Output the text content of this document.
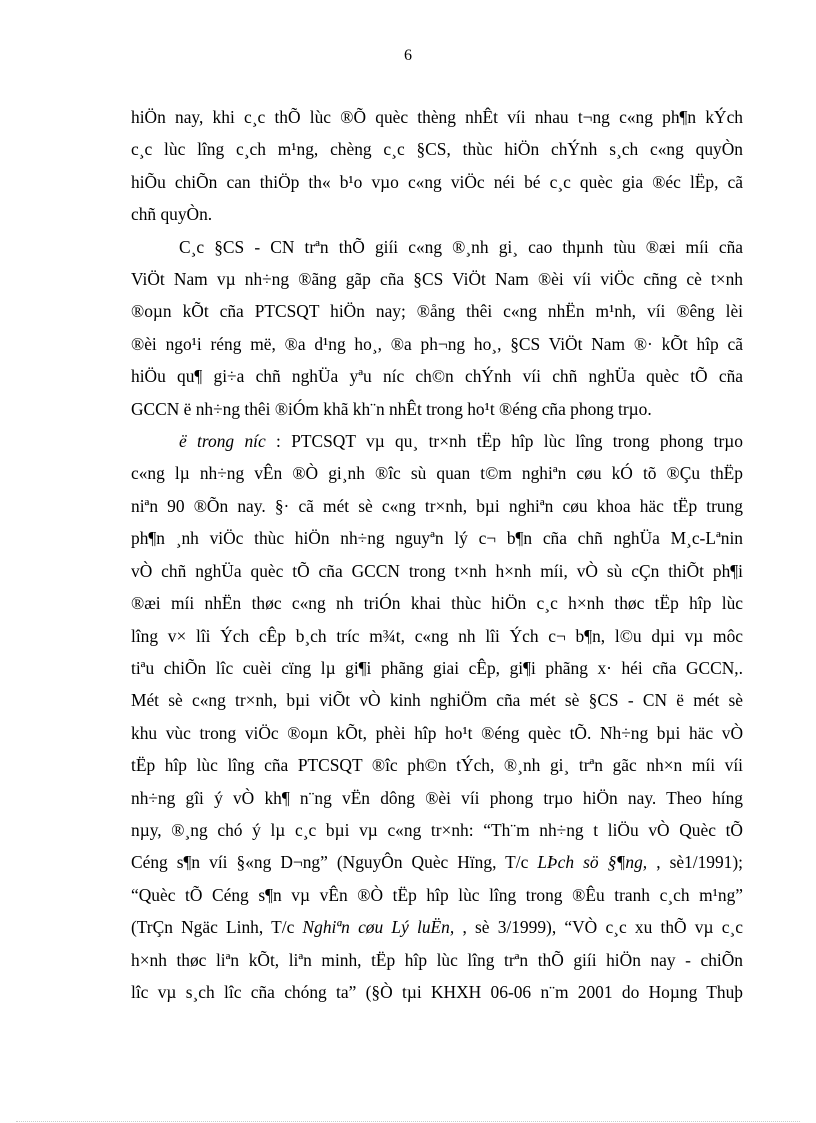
6
hiÖn nay, khi c¸c thÕ lùc ®Õ quèc thèng nhÊt víi nhau t¬ng c«ng ph¶n kÝch
c¸c lùc lîng c¸ch m¹ng, chèng c¸c §CS, thùc hiÖn chÝnh s¸ch c«ng quyÒn
hiÕu chiÕn can thiÖp th« b¹o vµo c«ng viÖc néi bé c¸c quèc gia ®éc lËp, cã
chñ quyÒn.
C¸c §CS - CN trªn thÕ giíi c«ng ®¸nh gi¸ cao thµnh tùu ®æi míi cña
ViÖt Nam vµ nh÷ng ®ãng gãp cña §CS ViÖt Nam ®èi víi viÖc cñng cè t×nh
®oµn kÕt cña PTCSQT hiÖn nay; ®ång thêi c«ng nhËn m¹nh, víi ®êng lèi
®èi ngo¹i réng më, ®a d¹ng ho¸, ®a ph¬ng ho¸, §CS ViÖt Nam ®· kÕt hîp cã
hiÖu qu¶ gi÷a chñ nghÜa yªu níc ch©n chÝnh víi chñ nghÜa quèc tÕ cña
GCCN ë nh÷ng thêi ®iÓm khã kh¨n nhÊt trong ho¹t ®éng cña phong trµo.
ë trong níc : PTCSQT vµ qu¸ tr×nh tËp hîp lùc lîng trong phong trµo
c«ng lµ nh÷ng vÊn ®Ò gi¸nh ®îc sù quan t©m nghiªn cøu kÓ tõ ®Çu thËp
niªn 90 ®Õn nay. §· cã mét sè c«ng tr×nh, bµi nghiªn cøu khoa häc tËp trung
ph¶n ¸nh viÖc thùc hiÖn nh÷ng nguyªn lý c¬ b¶n cña chñ nghÜa M¸c-Lªnin
vÒ chñ nghÜa quèc tÕ cña GCCN trong t×nh h×nh míi, vÒ sù cÇn thiÕt ph¶i
®æi míi nhËn thøc c«ng nh triÓn khai thùc hiÖn c¸c h×nh thøc tËp hîp lùc
lîng v× lîi Ých cÊp b¸ch tríc m¾t, c«ng nh lîi Ých c¬ b¶n, l©u dµi vµ môc
tiªu chiÕn lîc cuèi cïng lµ gi¶i phãng giai cÊp, gi¶i phãng x· héi cña GCCN,.
Mét sè c«ng tr×nh, bµi viÕt vÒ kinh nghiÖm cña mét sè §CS - CN ë mét sè
khu vùc trong viÖc ®oµn kÕt, phèi hîp ho¹t ®éng quèc tÕ. Nh÷ng bµi häc vÒ
tËp hîp lùc lîng cña PTCSQT ®îc ph©n tÝch, ®¸nh gi¸ trªn gãc nh×n míi víi
nh÷ng gîi ý vÒ kh¶ n¨ng vËn dông ®èi víi phong trµo hiÖn nay. Theo híng
nµy, ®¸ng chó ý lµ c¸c bµi vµ c«ng tr×nh: “Th¨m nh÷ng t liÖu vÒ Quèc tÕ
Céng s¶n víi §«ng D¬ng” (NguyÔn Quèc Hïng, T/c LÞch sö §¶ng, , sè1/1991);
“Quèc tÕ Céng s¶n vµ vÊn ®Ò tËp hîp lùc lîng trong ®Êu tranh c¸ch m¹ng”
(TrÇn Ngäc Linh, T/c Nghiªn cøu Lý luËn, , sè 3/1999), “VÒ c¸c xu thÕ vµ c¸c
h×nh thøc liªn kÕt, liªn minh, tËp hîp lùc lîng trªn thÕ giíi hiÖn nay - chiÕn
lîc vµ s¸ch lîc cña chóng ta” (§Ò tµi KHXH 06-06 n¨m 2001 do Hoµng Thuþ
